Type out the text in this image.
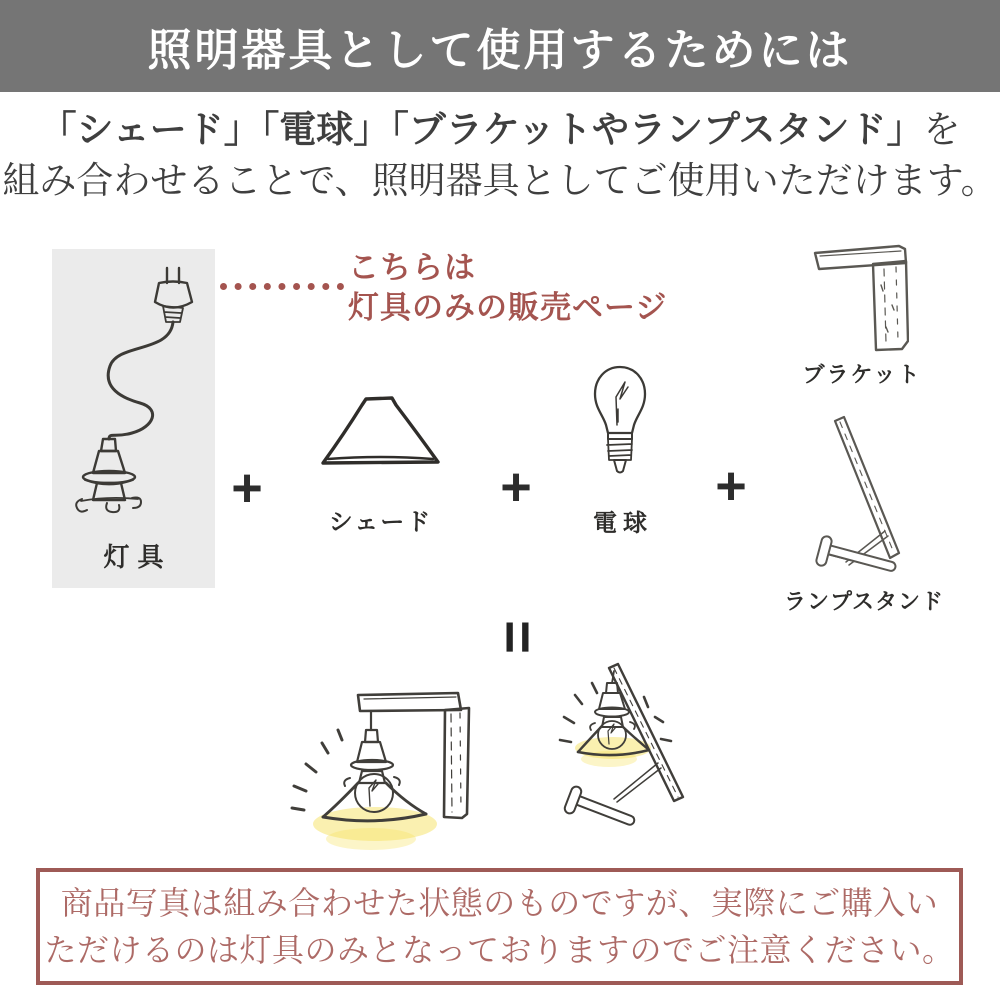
照明器具として使用するためには
「シェード」「電球」「ブラケットやランプスタンド」を
組み合わせることで、照明器具としてご使用いただけます。
灯具
こちらは
灯具のみの販売ページ
+	+	+
シェード	電球
ブラケット
ランプスタンド
=
商品写真は組み合わせた状態のものですが、実際にご購入い
ただけるのは灯具のみとなっておりますのでご注意ください。
